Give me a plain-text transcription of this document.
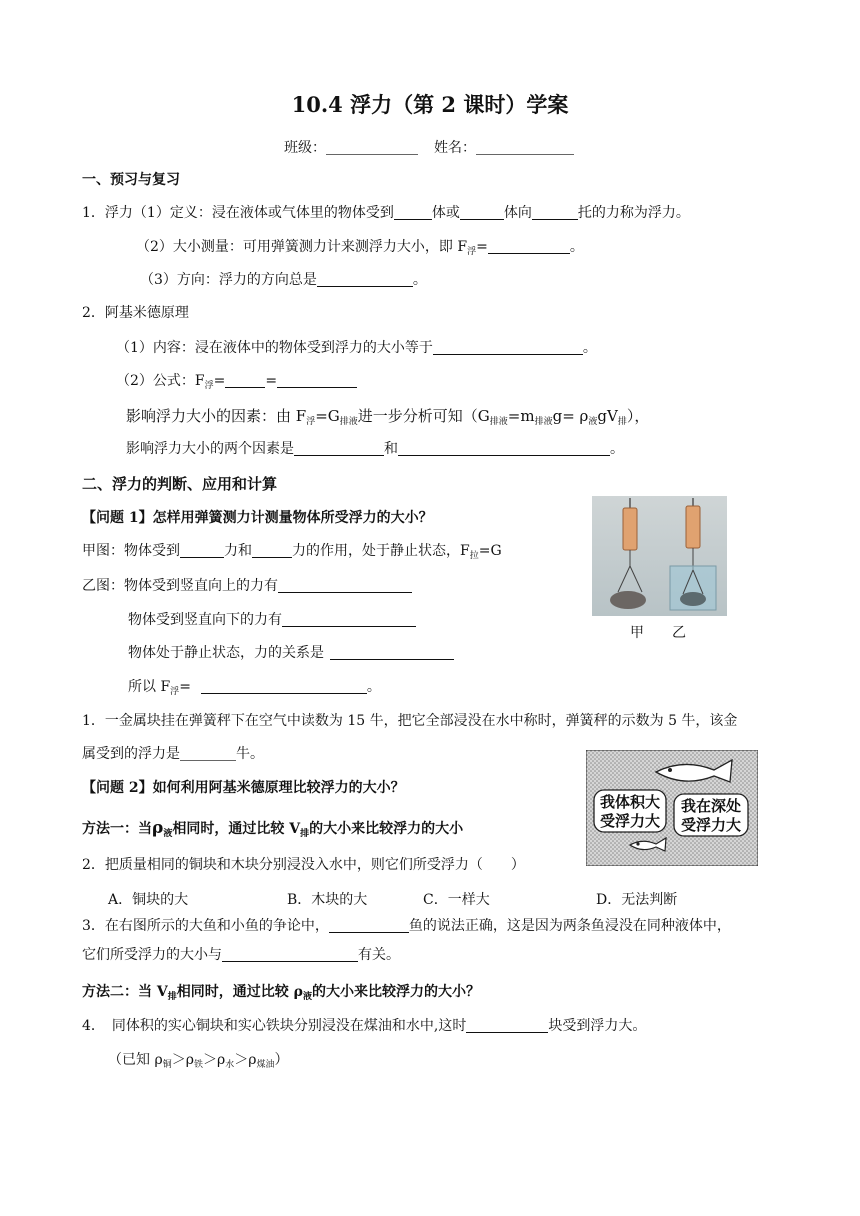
10.4 浮力（第 2 课时）学案
班级：	姓名：
一、预习与复习
1．浮力（1）定义：浸在液体或气体里的物体受到	体或	体向	托的力称为浮力。
（2）大小测量：可用弹簧测力计来测浮力大小，即 $F_浮=$	。
（3）方向：浮力的方向总是	。
2．阿基米德原理
（1）内容：浸在液体中的物体受到浮力的大小等于	。
（2）公式：$F_浮=$	=
影响浮力大小的因素：由 $F_浮=G_{排液}$进一步分析可知$(G_{排液}=m_{排液}g= \rho_液gV_排)$，
影响浮力大小的两个因素是	和	。
二、浮力的判断、应用和计算
【问题 1】怎样用弹簧测力计测量物体所受浮力的大小？
甲图：物体受到	力和	力的作用，处于静止状态，$F_拉=G$
乙图：物体受到竖直向上的力有
物体受到竖直向下的力有
物体处于静止状态，力的关系是
所以 $F_浮=$	。
甲　　乙
1．一金属块挂在弹簧秤下在空气中读数为 15 牛，把它全部浸没在水中称时，弹簧秤的示数为 5 牛，该金
属受到的浮力是	牛。
【问题 2】如何利用阿基米德原理比较浮力的大小？
方法一：当$\rho_液$相同时，通过比较 $V_排$的大小来比较浮力的大小
我体积大
受浮力大
我在深处
受浮力大
2．把质量相同的铜块和木块分别浸没入水中，则它们所受浮力（　　）
A．铜块的大	B．木块的大	C．一样大	D．无法判断
3．在右图所示的大鱼和小鱼的争论中，	鱼的说法正确，这是因为两条鱼浸没在同种液体中，
它们所受浮力的大小与	有关。
方法二：当 $V_排$相同时，通过比较 $\rho_液$的大小来比较浮力的大小？
4．　同体积的实心铜块和实心铁块分别浸没在煤油和水中,这时	块受到浮力大。
（已知 $\rho_铜>\rho_铁>\rho_水>\rho_{煤油}$）
